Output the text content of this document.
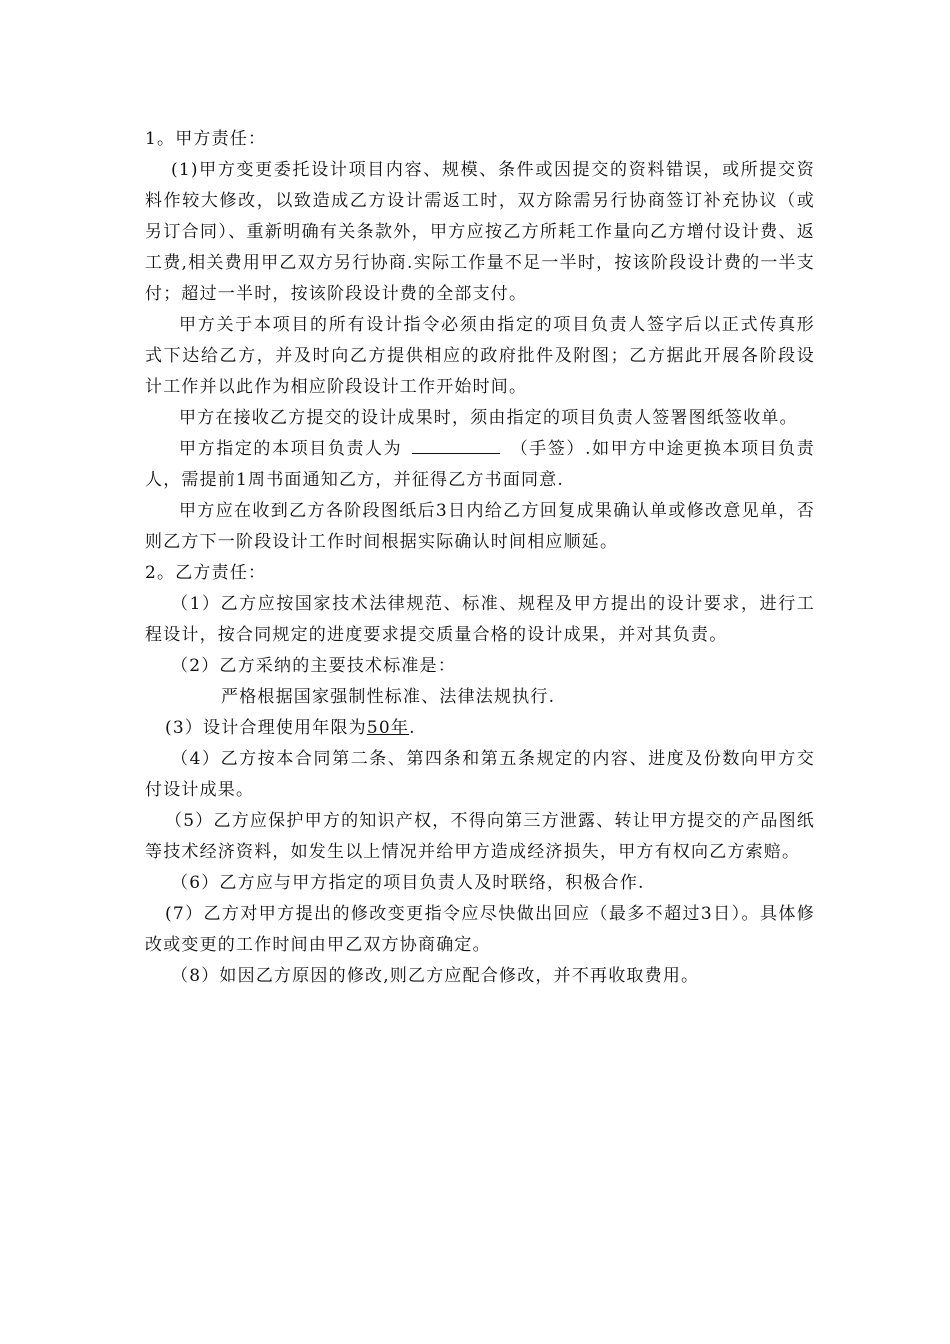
1。甲方责任：

(1)甲方变更委托设计项目内容、规模、条件或因提交的资料错误，或所提交资料作较大修改，以致造成乙方设计需返工时，双方除需另行协商签订补充协议（或另订合同）、重新明确有关条款外，甲方应按乙方所耗工作量向乙方增付设计费、返工费,相关费用甲乙双方另行协商.实际工作量不足一半时，按该阶段设计费的一半支付；超过一半时，按该阶段设计费的全部支付。

甲方关于本项目的所有设计指令必须由指定的项目负责人签字后以正式传真形式下达给乙方，并及时向乙方提供相应的政府批件及附图；乙方据此开展各阶段设计工作并以此作为相应阶段设计工作开始时间。

甲方在接收乙方提交的设计成果时，须由指定的项目负责人签署图纸签收单。

甲方指定的本项目负责人为	（手签）.如甲方中途更换本项目负责人，需提前1周书面通知乙方，并征得乙方书面同意.

甲方应在收到乙方各阶段图纸后3日内给乙方回复成果确认单或修改意见单，否则乙方下一阶段设计工作时间根据实际确认时间相应顺延。

2。乙方责任：

（1）乙方应按国家技术法律规范、标准、规程及甲方提出的设计要求，进行工程设计，按合同规定的进度要求提交质量合格的设计成果，并对其负责。

（2）乙方采纳的主要技术标准是：

严格根据国家强制性标准、法律法规执行.

(3）设计合理使用年限为50年.

（4）乙方按本合同第二条、第四条和第五条规定的内容、进度及份数向甲方交付设计成果。

（5）乙方应保护甲方的知识产权，不得向第三方泄露、转让甲方提交的产品图纸等技术经济资料，如发生以上情况并给甲方造成经济损失，甲方有权向乙方索赔。

（6）乙方应与甲方指定的项目负责人及时联络，积极合作.

(7）乙方对甲方提出的修改变更指令应尽快做出回应（最多不超过3日）。具体修改或变更的工作时间由甲乙双方协商确定。

（8）如因乙方原因的修改,则乙方应配合修改，并不再收取费用。
